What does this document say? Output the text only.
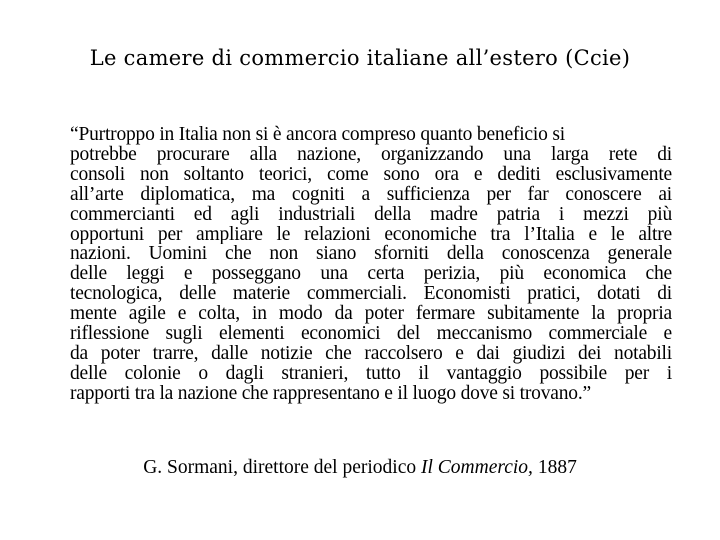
Le camere di commercio italiane all’estero (Ccie)
“Purtroppo in Italia non si è ancora compreso quanto beneficio si
potrebbe procurare alla nazione, organizzando una larga rete di
consoli non soltanto teorici, come sono ora e dediti esclusivamente
all’arte diplomatica, ma cogniti a sufficienza per far conoscere ai
commercianti ed agli industriali della madre patria i mezzi più
opportuni per ampliare le relazioni economiche tra l’Italia e le altre
nazioni. Uomini che non siano sforniti della conoscenza generale
delle leggi e posseggano una certa perizia, più economica che
tecnologica, delle materie commerciali. Economisti pratici, dotati di
mente agile e colta, in modo da poter fermare subitamente la propria
riflessione sugli elementi economici del meccanismo commerciale e
da poter trarre, dalle notizie che raccolsero e dai giudizi dei notabili
delle colonie o dagli stranieri, tutto il vantaggio possibile per i
rapporti tra la nazione che rappresentano e il luogo dove si trovano.”
G. Sormani, direttore del periodico Il Commercio, 1887
